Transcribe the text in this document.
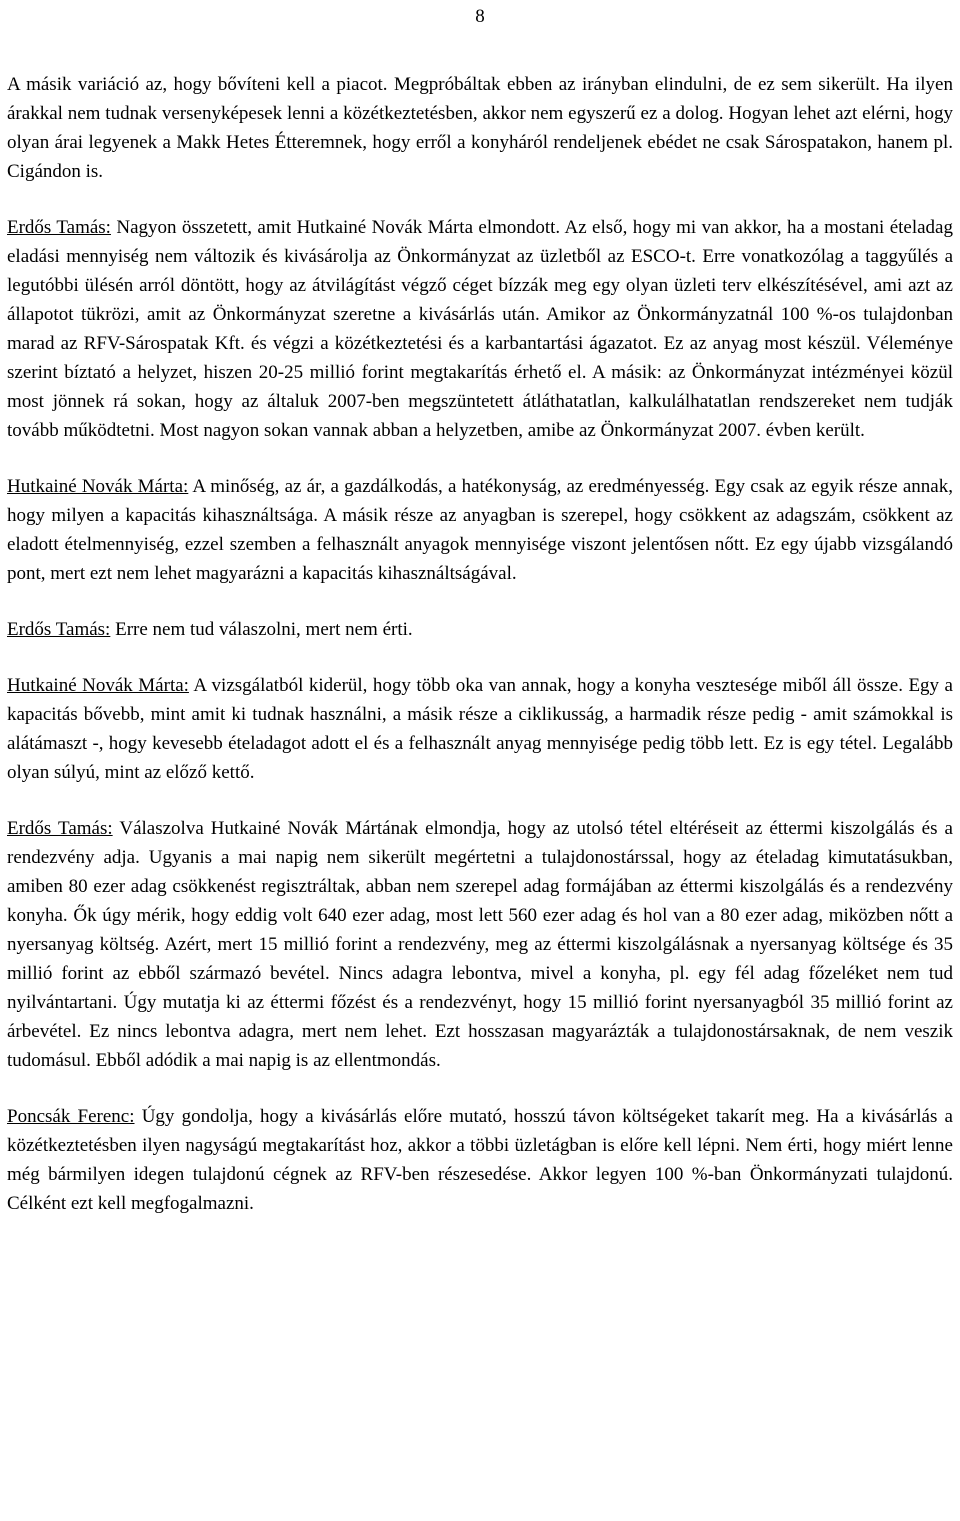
8

A másik variáció az, hogy bővíteni kell a piacot. Megpróbáltak ebben az irányban elindulni, de ez sem sikerült. Ha ilyen árakkal nem tudnak versenyképesek lenni a közétkeztetésben, akkor nem egyszerű ez a dolog. Hogyan lehet azt elérni, hogy olyan árai legyenek a Makk Hetes Étteremnek, hogy erről a konyháról rendeljenek ebédet ne csak Sárospatakon, hanem pl. Cigándon is.

Erdős Tamás: Nagyon összetett, amit Hutkainé Novák Márta elmondott. Az első, hogy mi van akkor, ha a mostani ételadag eladási mennyiség nem változik és kivásárolja az Önkormányzat az üzletből az ESCO-t. Erre vonatkozólag a taggyűlés a legutóbbi ülésén arról döntött, hogy az átvilágítást végző céget bízzák meg egy olyan üzleti terv elkészítésével, ami azt az állapotot tükrözi, amit az Önkormányzat szeretne a kivásárlás után. Amikor az Önkormányzatnál 100 %-os tulajdonban marad az RFV-Sárospatak Kft. és végzi a közétkeztetési és a karbantartási ágazatot. Ez az anyag most készül. Véleménye szerint bíztató a helyzet, hiszen 20-25 millió forint megtakarítás érhető el. A másik: az Önkormányzat intézményei közül most jönnek rá sokan, hogy az általuk 2007-ben megszüntetett átláthatatlan, kalkulálhatatlan rendszereket nem tudják tovább működtetni. Most nagyon sokan vannak abban a helyzetben, amibe az Önkormányzat 2007. évben került.

Hutkainé Novák Márta: A minőség, az ár, a gazdálkodás, a hatékonyság, az eredményesség. Egy csak az egyik része annak, hogy milyen a kapacitás kihasználtsága. A másik része az anyagban is szerepel, hogy csökkent az adagszám, csökkent az eladott ételmennyiség, ezzel szemben a felhasznált anyagok mennyisége viszont jelentősen nőtt. Ez egy újabb vizsgálandó pont, mert ezt nem lehet magyarázni a kapacitás kihasználtságával.

Erdős Tamás: Erre nem tud válaszolni, mert nem érti.

Hutkainé Novák Márta: A vizsgálatból kiderül, hogy több oka van annak, hogy a konyha vesztesége miből áll össze. Egy a kapacitás bővebb, mint amit ki tudnak használni, a másik része a ciklikusság, a harmadik része pedig - amit számokkal is alátámaszt -, hogy kevesebb ételadagot adott el és a felhasznált anyag mennyisége pedig több lett. Ez is egy tétel. Legalább olyan súlyú, mint az előző kettő.

Erdős Tamás: Válaszolva Hutkainé Novák Mártának elmondja, hogy az utolsó tétel eltéréseit az éttermi kiszolgálás és a rendezvény adja. Ugyanis a mai napig nem sikerült megértetni a tulajdonostárssal, hogy az ételadag kimutatásukban, amiben 80 ezer adag csökkenést regisztráltak, abban nem szerepel adag formájában az éttermi kiszolgálás és a rendezvény konyha. Ők úgy mérik, hogy eddig volt 640 ezer adag, most lett 560 ezer adag és hol van a 80 ezer adag, miközben nőtt a nyersanyag költség. Azért, mert 15 millió forint a rendezvény, meg az éttermi kiszolgálásnak a nyersanyag költsége és 35 millió forint az ebből származó bevétel. Nincs adagra lebontva, mivel a konyha, pl. egy fél adag főzeléket nem tud nyilvántartani. Úgy mutatja ki az éttermi főzést és a rendezvényt, hogy 15 millió forint nyersanyagból 35 millió forint az árbevétel. Ez nincs lebontva adagra, mert nem lehet. Ezt hosszasan magyarázták a tulajdonostársaknak, de nem veszik tudomásul. Ebből adódik a mai napig is az ellentmondás.

Poncsák Ferenc: Úgy gondolja, hogy a kivásárlás előre mutató, hosszú távon költségeket takarít meg. Ha a kivásárlás a közétkeztetésben ilyen nagyságú megtakarítást hoz, akkor a többi üzletágban is előre kell lépni. Nem érti, hogy miért lenne még bármilyen idegen tulajdonú cégnek az RFV-ben részesedése. Akkor legyen 100 %-ban Önkormányzati tulajdonú. Célként ezt kell megfogalmazni.
